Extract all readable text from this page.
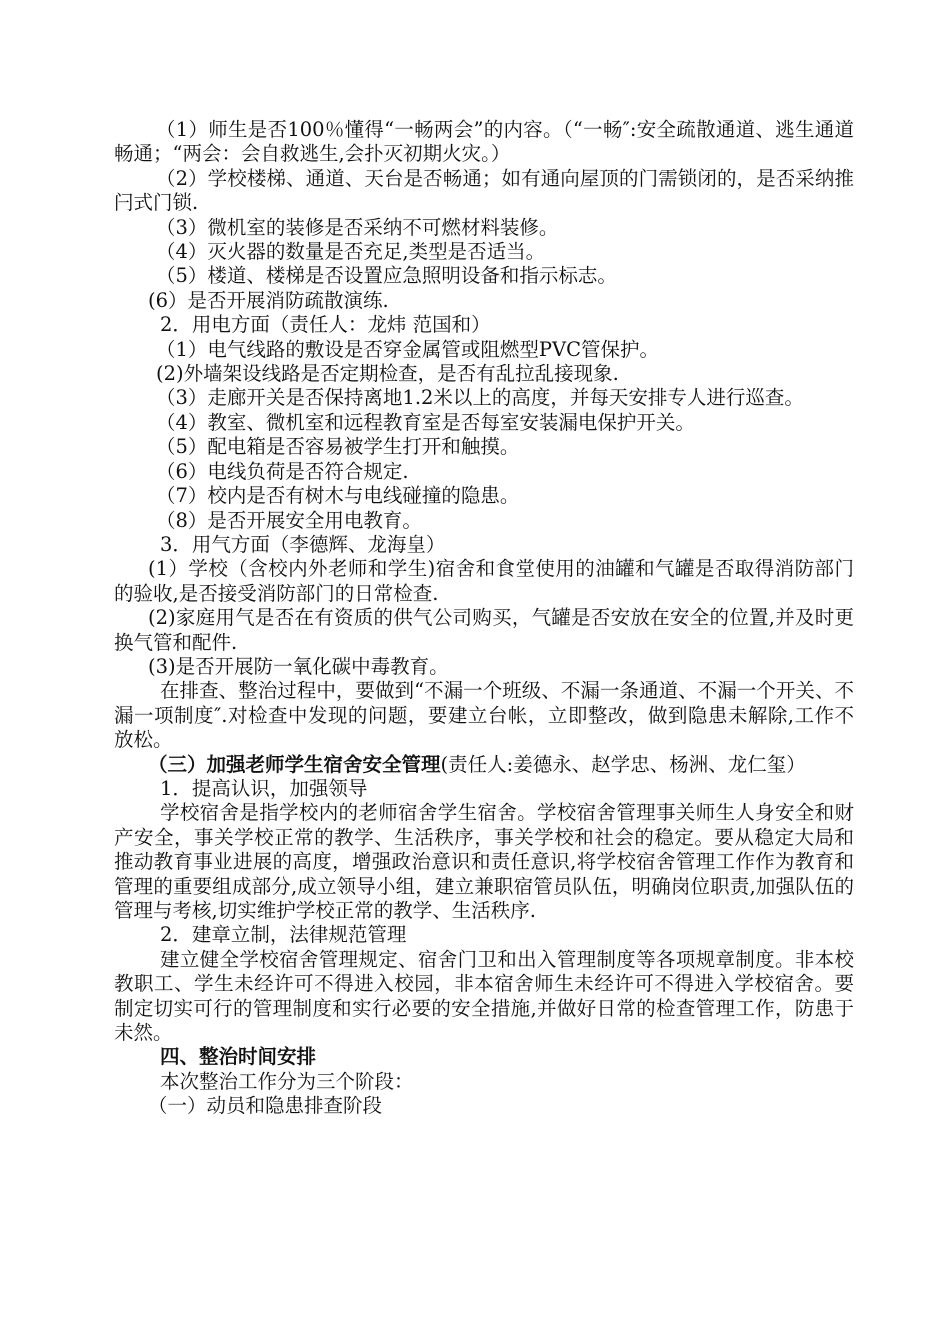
（1）师生是否100％懂得“一畅两会”的内容。（“一畅″:安全疏散通道、逃生通道畅通；“两会：会自救逃生,会扑灭初期火灾。）

（2）学校楼梯、通道、天台是否畅通；如有通向屋顶的门需锁闭的，是否采纳推闩式门锁.

（3）微机室的装修是否采纳不可燃材料装修。

（4）灭火器的数量是否充足,类型是否适当。

（5）楼道、楼梯是否设置应急照明设备和指示标志。

(6）是否开展消防疏散演练.

2．用电方面（责任人：龙炜 范国和）

（1）电气线路的敷设是否穿金属管或阻燃型PVC管保护。

(2)外墙架设线路是否定期检查，是否有乱拉乱接现象.

（3）走廊开关是否保持离地1.2米以上的高度，并每天安排专人进行巡查。

（4）教室、微机室和远程教育室是否每室安装漏电保护开关。

（5）配电箱是否容易被学生打开和触摸。

（6）电线负荷是否符合规定.

（7）校内是否有树木与电线碰撞的隐患。

（8）是否开展安全用电教育。

3．用气方面（李德辉、龙海皇）

(1）学校（含校内外老师和学生)宿舍和食堂使用的油罐和气罐是否取得消防部门的验收,是否接受消防部门的日常检查.

(2)家庭用气是否在有资质的供气公司购买，气罐是否安放在安全的位置,并及时更换气管和配件.

(3)是否开展防一氧化碳中毒教育。

在排查、整治过程中，要做到“不漏一个班级、不漏一条通道、不漏一个开关、不漏一项制度″.对检查中发现的问题，要建立台帐，立即整改，做到隐患未解除,工作不放松。

（三）加强老师学生宿舍安全管理(责任人:姜德永、赵学忠、杨洲、龙仁玺）

1．提高认识，加强领导

学校宿舍是指学校内的老师宿舍学生宿舍。学校宿舍管理事关师生人身安全和财产安全，事关学校正常的教学、生活秩序，事关学校和社会的稳定。要从稳定大局和推动教育事业进展的高度，增强政治意识和责任意识,将学校宿舍管理工作作为教育和管理的重要组成部分,成立领导小组，建立兼职宿管员队伍，明确岗位职责,加强队伍的管理与考核,切实维护学校正常的教学、生活秩序.

2．建章立制，法律规范管理

建立健全学校宿舍管理规定、宿舍门卫和出入管理制度等各项规章制度。非本校教职工、学生未经许可不得进入校园，非本宿舍师生未经许可不得进入学校宿舍。要制定切实可行的管理制度和实行必要的安全措施,并做好日常的检查管理工作，防患于未然。

四、整治时间安排

本次整治工作分为三个阶段：

（一）动员和隐患排查阶段
